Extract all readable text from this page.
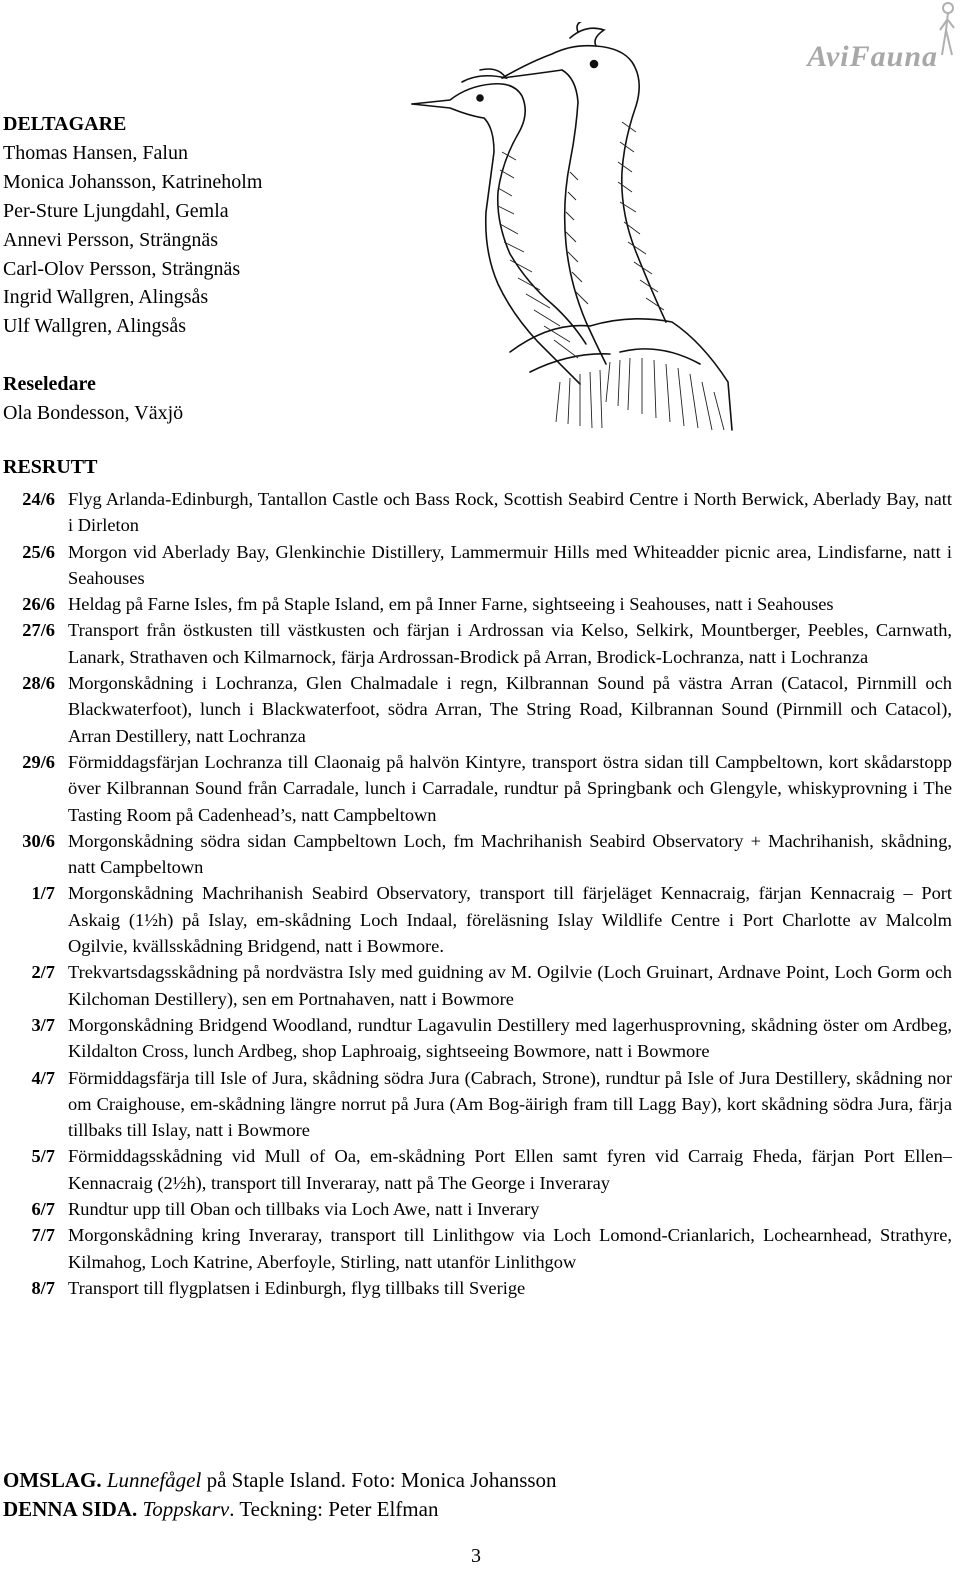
AviFauna
DELTAGARE
Thomas Hansen, Falun
Monica Johansson, Katrineholm
Per-Sture Ljungdahl, Gemla
Annevi Persson, Strängnäs
Carl-Olov Persson, Strängnäs
Ingrid Wallgren, Alingsås
Ulf Wallgren, Alingsås
Reseledare
Ola Bondesson, Växjö
RESRUTT
24/6 Flyg Arlanda-Edinburgh, Tantallon Castle och Bass Rock, Scottish Seabird Centre i North Berwick, Aberlady Bay, natt i Dirleton
25/6 Morgon vid Aberlady Bay, Glenkinchie Distillery, Lammermuir Hills med Whiteadder picnic area, Lindisfarne, natt i Seahouses
26/6 Heldag på Farne Isles, fm på Staple Island, em på Inner Farne, sightseeing i Seahouses, natt i Seahouses
27/6 Transport från östkusten till västkusten och färjan i Ardrossan via Kelso, Selkirk, Mountberger, Peebles, Carnwath, Lanark, Strathaven och Kilmarnock, färja Ardrossan-Brodick på Arran, Brodick-Lochranza, natt i Lochranza
28/6 Morgonskådning i Lochranza, Glen Chalmadale i regn, Kilbrannan Sound på västra Arran (Catacol, Pirnmill och Blackwaterfoot), lunch i Blackwaterfoot, södra Arran, The String Road, Kilbrannan Sound (Pirnmill och Catacol), Arran Destillery, natt Lochranza
29/6 Förmiddagsfärjan Lochranza till Claonaig på halvön Kintyre, transport östra sidan till Campbeltown, kort skådarstopp över Kilbrannan Sound från Carradale, lunch i Carradale, rundtur på Springbank och Glengyle, whiskyprovning i The Tasting Room på Cadenhead’s, natt Campbeltown
30/6 Morgonskådning södra sidan Campbeltown Loch, fm Machrihanish Seabird Observatory + Machrihanish, skådning, natt Campbeltown
1/7 Morgonskådning Machrihanish Seabird Observatory, transport till färjeläget Kennacraig, färjan Kennacraig – Port Askaig (1½h) på Islay, em-skådning Loch Indaal, föreläsning Islay Wildlife Centre i Port Charlotte av Malcolm Ogilvie, kvällsskådning Bridgend, natt i Bowmore.
2/7 Trekvartsdagsskådning på nordvästra Isly med guidning av M. Ogilvie (Loch Gruinart, Ardnave Point, Loch Gorm och Kilchoman Destillery), sen em Portnahaven, natt i Bowmore
3/7 Morgonskådning Bridgend Woodland, rundtur Lagavulin Destillery med lagerhusprovning, skådning öster om Ardbeg, Kildalton Cross, lunch Ardbeg, shop Laphroaig, sightseeing Bowmore, natt i Bowmore
4/7 Förmiddagsfärja till Isle of Jura, skådning södra Jura (Cabrach, Strone), rundtur på Isle of Jura Destillery, skådning nor om Craighouse, em-skådning längre norrut på Jura (Am Bog-äirigh fram till Lagg Bay), kort skådning södra Jura, färja tillbaks till Islay, natt i Bowmore
5/7 Förmiddagsskådning vid Mull of Oa, em-skådning Port Ellen samt fyren vid Carraig Fheda, färjan Port Ellen–Kennacraig (2½h), transport till Inveraray, natt på The George i Inveraray
6/7 Rundtur upp till Oban och tillbaks via Loch Awe, natt i Inverary
7/7 Morgonskådning kring Inveraray, transport till Linlithgow via Loch Lomond-Crianlarich, Lochearnhead, Strathyre, Kilmahog, Loch Katrine, Aberfoyle, Stirling, natt utanför Linlithgow
8/7 Transport till flygplatsen i Edinburgh, flyg tillbaks till Sverige
OMSLAG. Lunnefågel på Staple Island. Foto: Monica Johansson
DENNA SIDA. Toppskarv. Teckning: Peter Elfman
3
